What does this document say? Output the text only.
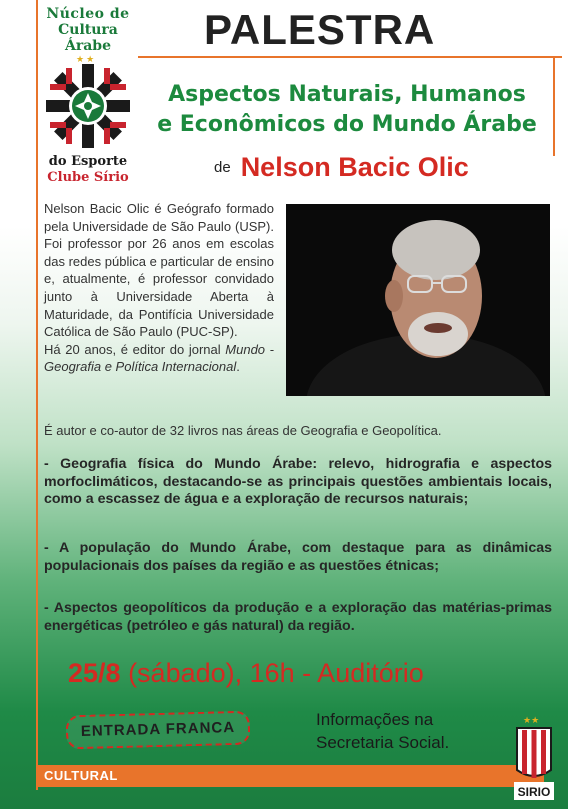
Núcleo de
Cultura
Árabe
★★
do Esporte
Clube Sírio
PALESTRA
Aspectos Naturais, Humanos
e Econômicos do Mundo Árabe
de Nelson Bacic Olic
Nelson Bacic Olic é Geógrafo formado pela Universidade de São Paulo (USP). Foi professor por 26 anos em escolas das redes pública e particular de ensino e, atualmente, é professor convidado junto à Universidade Aberta à Maturidade, da Pontifícia Universidade Católica de São Paulo (PUC-SP).
Há 20 anos, é editor do jornal Mundo - Geografia e Política Internacional.
É autor e co-autor de 32 livros nas áreas de Geografia e Geopolítica.
- Geografia física do Mundo Árabe: relevo, hidrografia e aspectos morfoclimáticos, destacando-se as principais questões ambientais locais, como a escassez de água e a exploração de recursos naturais;
- A população do Mundo Árabe, com destaque para as dinâmicas populacionais dos países da região e as questões étnicas;
- Aspectos geopolíticos da produção e a exploração das matérias-primas energéticas (petróleo e gás natural) da região.
25/8 (sábado), 16h - Auditório
ENTRADA FRANCA	Informações na
Secretaria Social.
CULTURAL
★★
SIRIO
